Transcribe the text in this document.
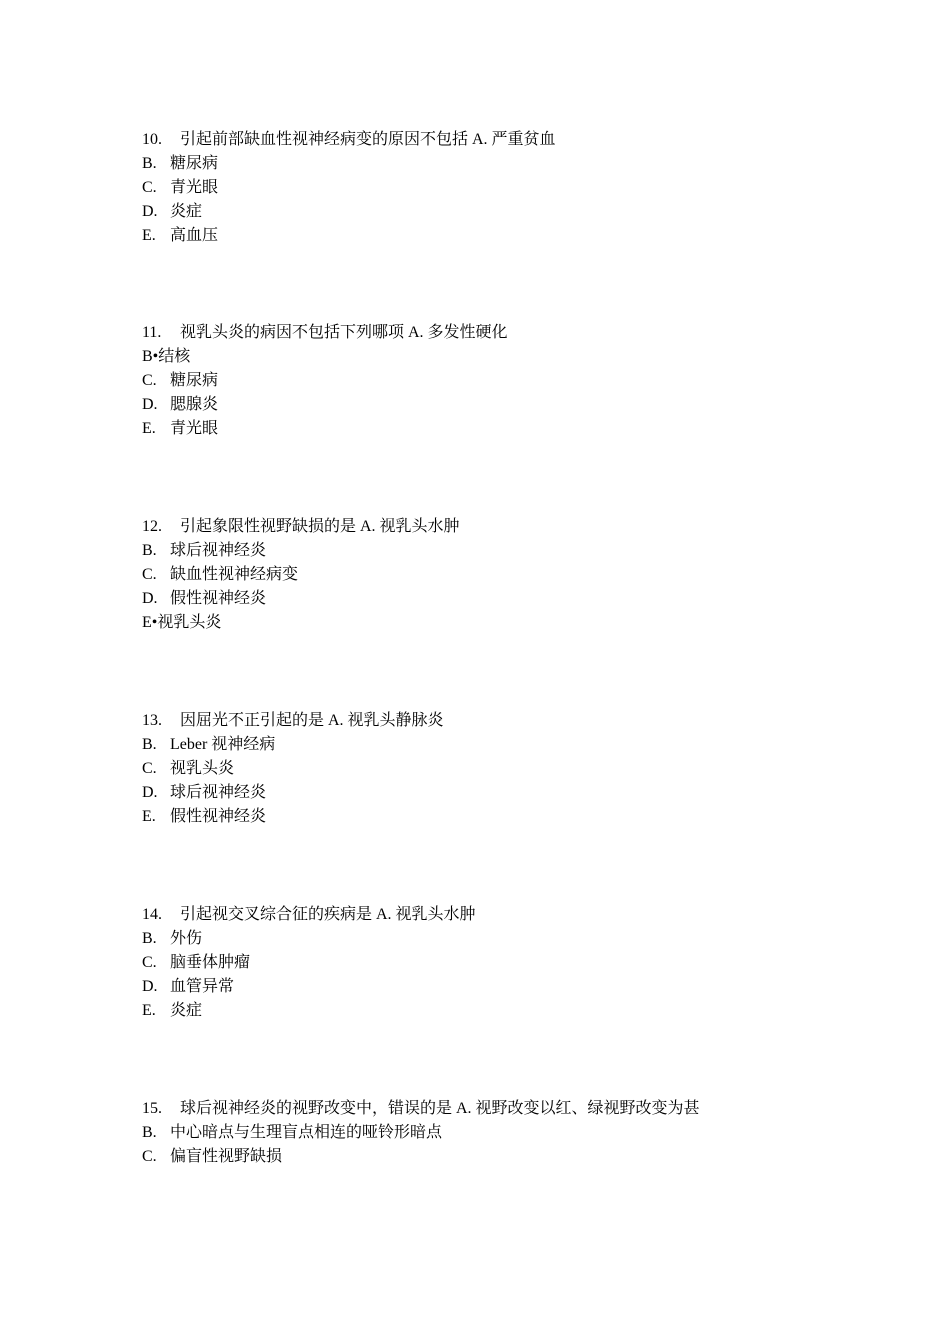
10. 引起前部缺血性视神经病变的原因不包括 A. 严重贫血
B. 糖尿病
C. 青光眼
D. 炎症
E. 高血压
11. 视乳头炎的病因不包括下列哪项 A. 多发性硬化
B•结核
C. 糖尿病
D. 腮腺炎
E. 青光眼
12. 引起象限性视野缺损的是 A. 视乳头水肿
B. 球后视神经炎
C. 缺血性视神经病变
D. 假性视神经炎
E•视乳头炎
13. 因屈光不正引起的是 A. 视乳头静脉炎
B. Leber 视神经病
C. 视乳头炎
D. 球后视神经炎
E. 假性视神经炎
14. 引起视交叉综合征的疾病是 A. 视乳头水肿
B. 外伤
C. 脑垂体肿瘤
D. 血管异常
E. 炎症
15. 球后视神经炎的视野改变中，错误的是 A. 视野改变以红、绿视野改变为甚
B. 中心暗点与生理盲点相连的哑铃形暗点
C. 偏盲性视野缺损
